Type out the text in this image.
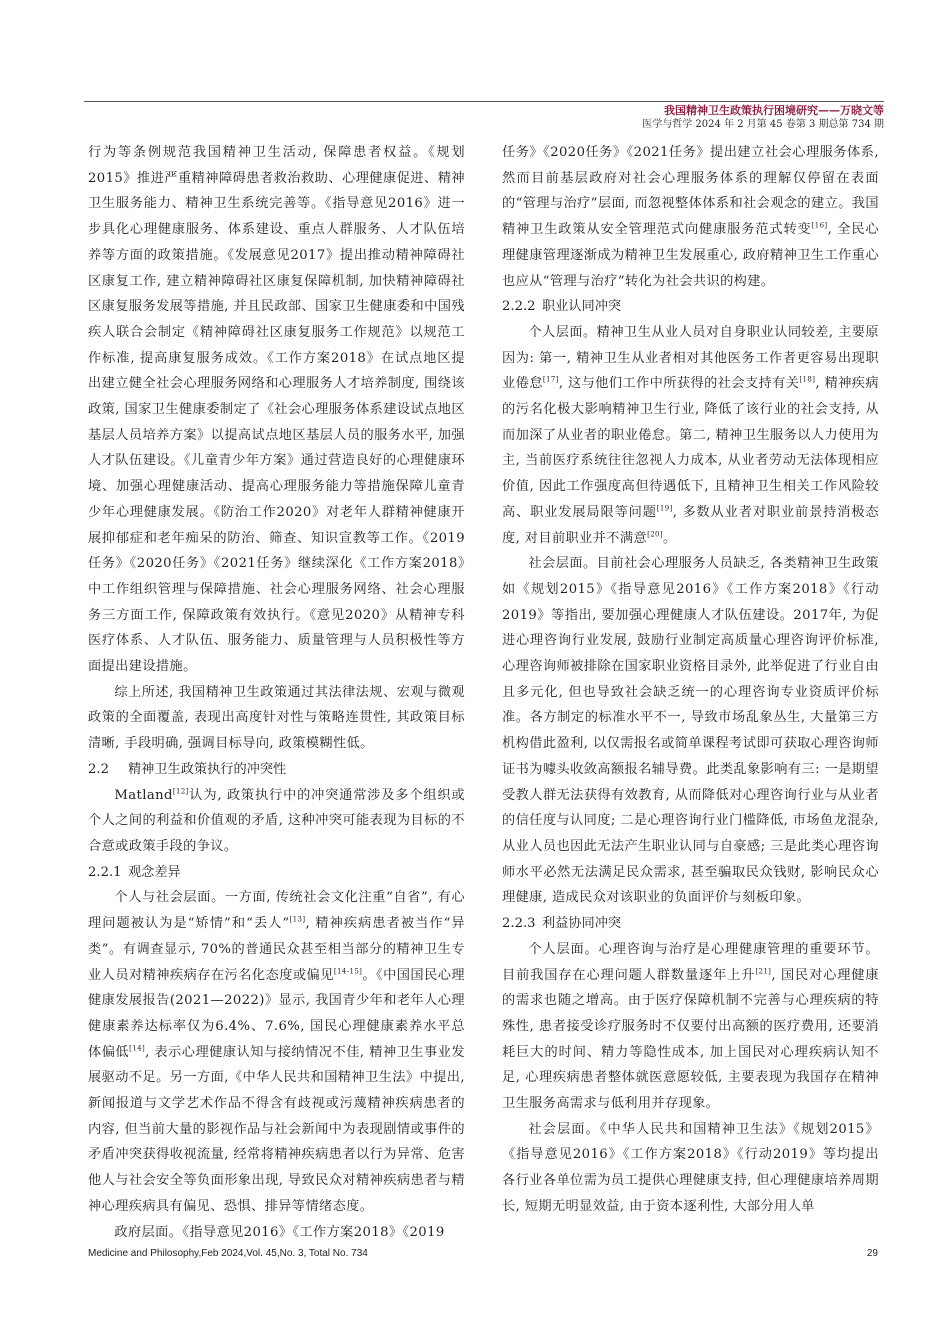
我国精神卫生政策执行困境研究——万晓文等
医学与哲学 2024 年 2 月第 45 卷第 3 期总第 734 期

行为等条例规范我国精神卫生活动, 保障患者权益。《规划2015》推进严重精神障碍患者救治救助、心理健康促进、精神卫生服务能力、精神卫生系统完善等。《指导意见2016》进一步具化心理健康服务、体系建设、重点人群服务、人才队伍培养等方面的政策措施。《发展意见2017》提出推动精神障碍社区康复工作, 建立精神障碍社区康复保障机制, 加快精神障碍社区康复服务发展等措施, 并且民政部、国家卫生健康委和中国残疾人联合会制定《精神障碍社区康复服务工作规范》以规范工作标准, 提高康复服务成效。《工作方案2018》在试点地区提出建立健全社会心理服务网络和心理服务人才培养制度, 围绕该政策, 国家卫生健康委制定了《社会心理服务体系建设试点地区基层人员培养方案》以提高试点地区基层人员的服务水平, 加强人才队伍建设。《儿童青少年方案》通过营造良好的心理健康环境、加强心理健康活动、提高心理服务能力等措施保障儿童青少年心理健康发展。《防治工作2020》对老年人群精神健康开展抑郁症和老年痴呆的防治、筛查、知识宣教等工作。《2019任务》《2020任务》《2021任务》继续深化《工作方案2018》中工作组织管理与保障措施、社会心理服务网络、社会心理服务三方面工作, 保障政策有效执行。《意见2020》从精神专科医疗体系、人才队伍、服务能力、质量管理与人员积极性等方面提出建设措施。

综上所述, 我国精神卫生政策通过其法律法规、宏观与微观政策的全面覆盖, 表现出高度针对性与策略连贯性, 其政策目标清晰, 手段明确, 强调目标导向, 政策模糊性低。

2.2 精神卫生政策执行的冲突性

Matland[12]认为, 政策执行中的冲突通常涉及多个组织或个人之间的利益和价值观的矛盾, 这种冲突可能表现为目标的不合意或政策手段的争议。

2.2.1 观念差异

个人与社会层面。一方面, 传统社会文化注重“自省”, 有心理问题被认为是“矫情”和“丢人”[13], 精神疾病患者被当作“异类”。有调查显示, 70%的普通民众甚至相当部分的精神卫生专业人员对精神疾病存在污名化态度或偏见[14-15]。《中国国民心理健康发展报告(2021—2022)》显示, 我国青少年和老年人心理健康素养达标率仅为6.4%、7.6%, 国民心理健康素养水平总体偏低[14], 表示心理健康认知与接纳情况不佳, 精神卫生事业发展驱动不足。另一方面,《中华人民共和国精神卫生法》中提出, 新闻报道与文学艺术作品不得含有歧视或污蔑精神疾病患者的内容, 但当前大量的影视作品与社会新闻中为表现剧情或事件的矛盾冲突获得收视流量, 经常将精神疾病患者以行为异常、危害他人与社会安全等负面形象出现, 导致民众对精神疾病患者与精神心理疾病具有偏见、恐惧、排异等情绪态度。

政府层面。《指导意见2016》《工作方案2018》《2019

任务》《2020任务》《2021任务》提出建立社会心理服务体系, 然而目前基层政府对社会心理服务体系的理解仅停留在表面的“管理与治疗”层面, 而忽视整体体系和社会观念的建立。我国精神卫生政策从安全管理范式向健康服务范式转变[16], 全民心理健康管理逐渐成为精神卫生发展重心, 政府精神卫生工作重心也应从“管理与治疗”转化为社会共识的构建。

2.2.2 职业认同冲突

个人层面。精神卫生从业人员对自身职业认同较差, 主要原因为: 第一, 精神卫生从业者相对其他医务工作者更容易出现职业倦怠[17], 这与他们工作中所获得的社会支持有关[18], 精神疾病的污名化极大影响精神卫生行业, 降低了该行业的社会支持, 从而加深了从业者的职业倦怠。第二, 精神卫生服务以人力使用为主, 当前医疗系统往往忽视人力成本, 从业者劳动无法体现相应价值, 因此工作强度高但待遇低下, 且精神卫生相关工作风险较高、职业发展局限等问题[19], 多数从业者对职业前景持消极态度, 对目前职业并不满意[20]。

社会层面。目前社会心理服务人员缺乏, 各类精神卫生政策如《规划2015》《指导意见2016》《工作方案2018》《行动2019》等指出, 要加强心理健康人才队伍建设。2017年, 为促进心理咨询行业发展, 鼓励行业制定高质量心理咨询评价标准, 心理咨询师被排除在国家职业资格目录外, 此举促进了行业自由且多元化, 但也导致社会缺乏统一的心理咨询专业资质评价标准。各方制定的标准水平不一, 导致市场乱象丛生, 大量第三方机构借此盈利, 以仅需报名或简单课程考试即可获取心理咨询师证书为噱头收敛高额报名辅导费。此类乱象影响有三: 一是期望受教人群无法获得有效教育, 从而降低对心理咨询行业与从业者的信任度与认同度; 二是心理咨询行业门槛降低, 市场鱼龙混杂, 从业人员也因此无法产生职业认同与自豪感; 三是此类心理咨询师水平必然无法满足民众需求, 甚至骗取民众钱财, 影响民众心理健康, 造成民众对该职业的负面评价与刻板印象。

2.2.3 利益协同冲突

个人层面。心理咨询与治疗是心理健康管理的重要环节。目前我国存在心理问题人群数量逐年上升[21], 国民对心理健康的需求也随之增高。由于医疗保障机制不完善与心理疾病的特殊性, 患者接受诊疗服务时不仅要付出高额的医疗费用, 还要消耗巨大的时间、精力等隐性成本, 加上国民对心理疾病认知不足, 心理疾病患者整体就医意愿较低, 主要表现为我国存在精神卫生服务高需求与低利用并存现象。

社会层面。《中华人民共和国精神卫生法》《规划2015》《指导意见2016》《工作方案2018》《行动2019》等均提出各行业各单位需为员工提供心理健康支持, 但心理健康培养周期长, 短期无明显效益, 由于资本逐利性, 大部分用人单

Medicine and Philosophy,Feb 2024,Vol. 45,No. 3, Total No. 734	29
